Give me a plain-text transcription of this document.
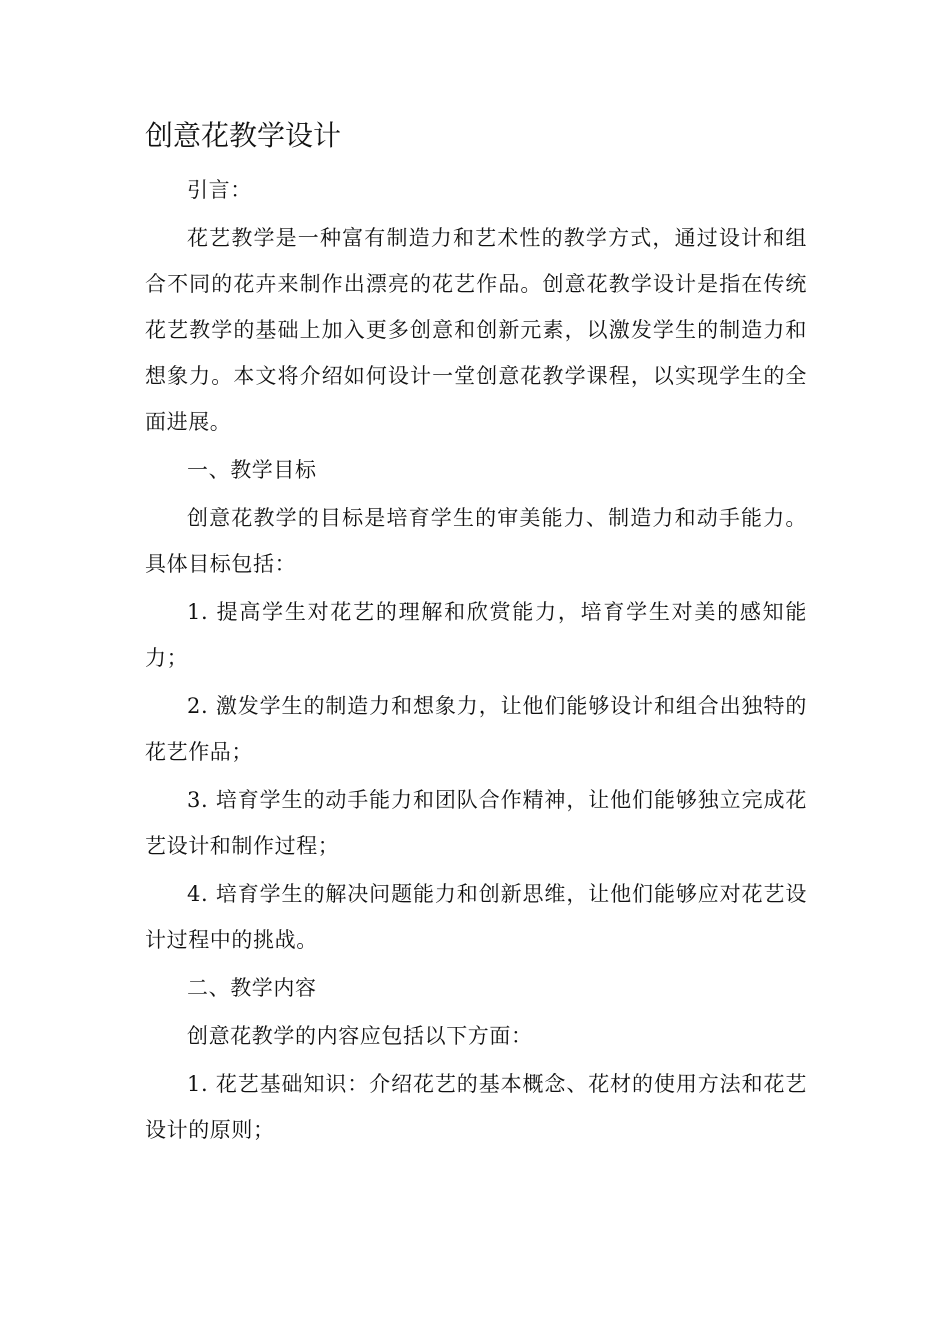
创意花教学设计

引言：

花艺教学是一种富有制造力和艺术性的教学方式，通过设计和组合不同的花卉来制作出漂亮的花艺作品。创意花教学设计是指在传统花艺教学的基础上加入更多创意和创新元素，以激发学生的制造力和想象力。本文将介绍如何设计一堂创意花教学课程，以实现学生的全面进展。

一、教学目标

创意花教学的目标是培育学生的审美能力、制造力和动手能力。具体目标包括：

1. 提高学生对花艺的理解和欣赏能力，培育学生对美的感知能力；

2. 激发学生的制造力和想象力，让他们能够设计和组合出独特的花艺作品；

3. 培育学生的动手能力和团队合作精神，让他们能够独立完成花艺设计和制作过程；

4. 培育学生的解决问题能力和创新思维，让他们能够应对花艺设计过程中的挑战。

二、教学内容

创意花教学的内容应包括以下方面：

1. 花艺基础知识：介绍花艺的基本概念、花材的使用方法和花艺设计的原则；
